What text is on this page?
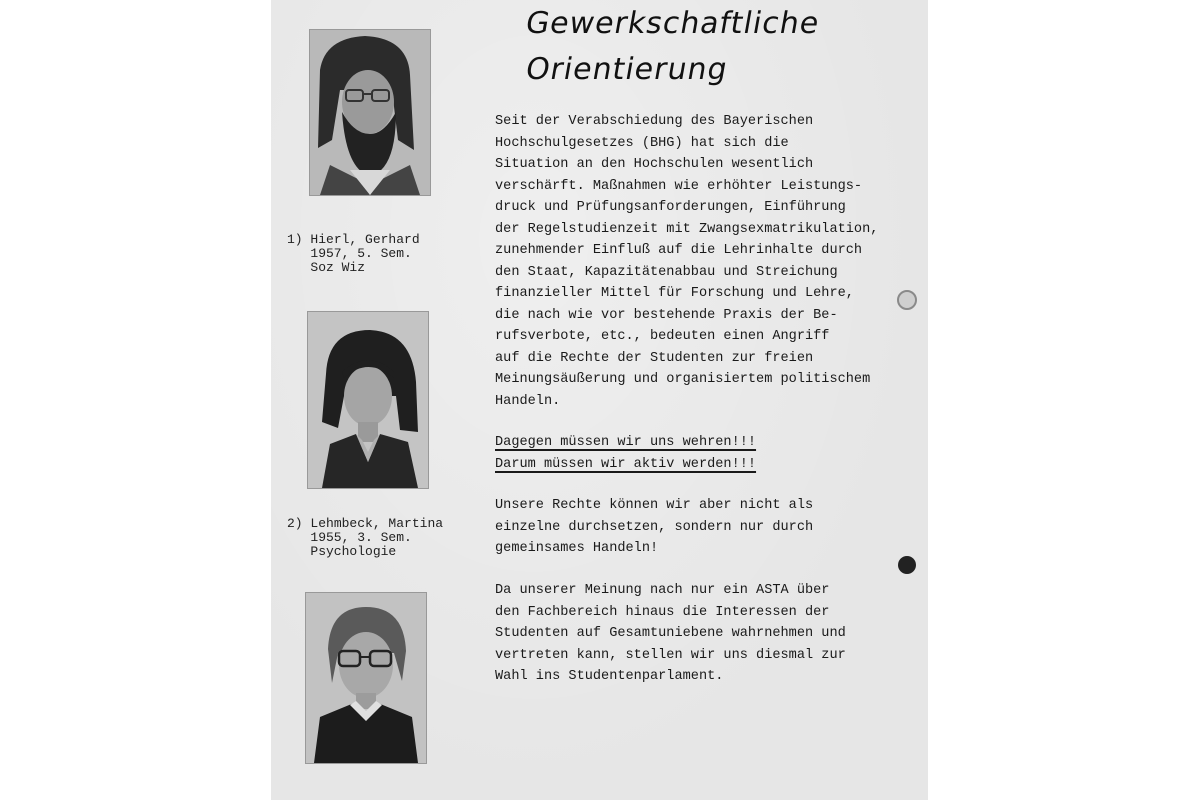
Gewerkschaftliche
Orientierung
1) Hierl, Gerhard
1957, 5. Sem.
Soz Wiz
2) Lehmbeck, Martina
1955, 3. Sem.
Psychologie
Seit der Verabschiedung des Bayerischen
Hochschulgesetzes (BHG) hat sich die
Situation an den Hochschulen wesentlich
verschärft. Maßnahmen wie erhöhter Leistungs-
druck und Prüfungsanforderungen, Einführung
der Regelstudienzeit mit Zwangsexmatrikulation,
zunehmender Einfluß auf die Lehrinhalte durch
den Staat, Kapazitätenabbau und Streichung
finanzieller Mittel für Forschung und Lehre,
die nach wie vor bestehende Praxis der Be-
rufsverbote, etc., bedeuten einen Angriff
auf die Rechte der Studenten zur freien
Meinungsäußerung und organisiertem politischem
Handeln.
Dagegen müssen wir uns wehren!!!
Darum müssen wir aktiv werden!!!
Unsere Rechte können wir aber nicht als
einzelne durchsetzen, sondern nur durch
gemeinsames Handeln!
Da unserer Meinung nach nur ein ASTA über
den Fachbereich hinaus die Interessen der
Studenten auf Gesamtuniebene wahrnehmen und
vertreten kann, stellen wir uns diesmal zur
Wahl ins Studentenparlament.
